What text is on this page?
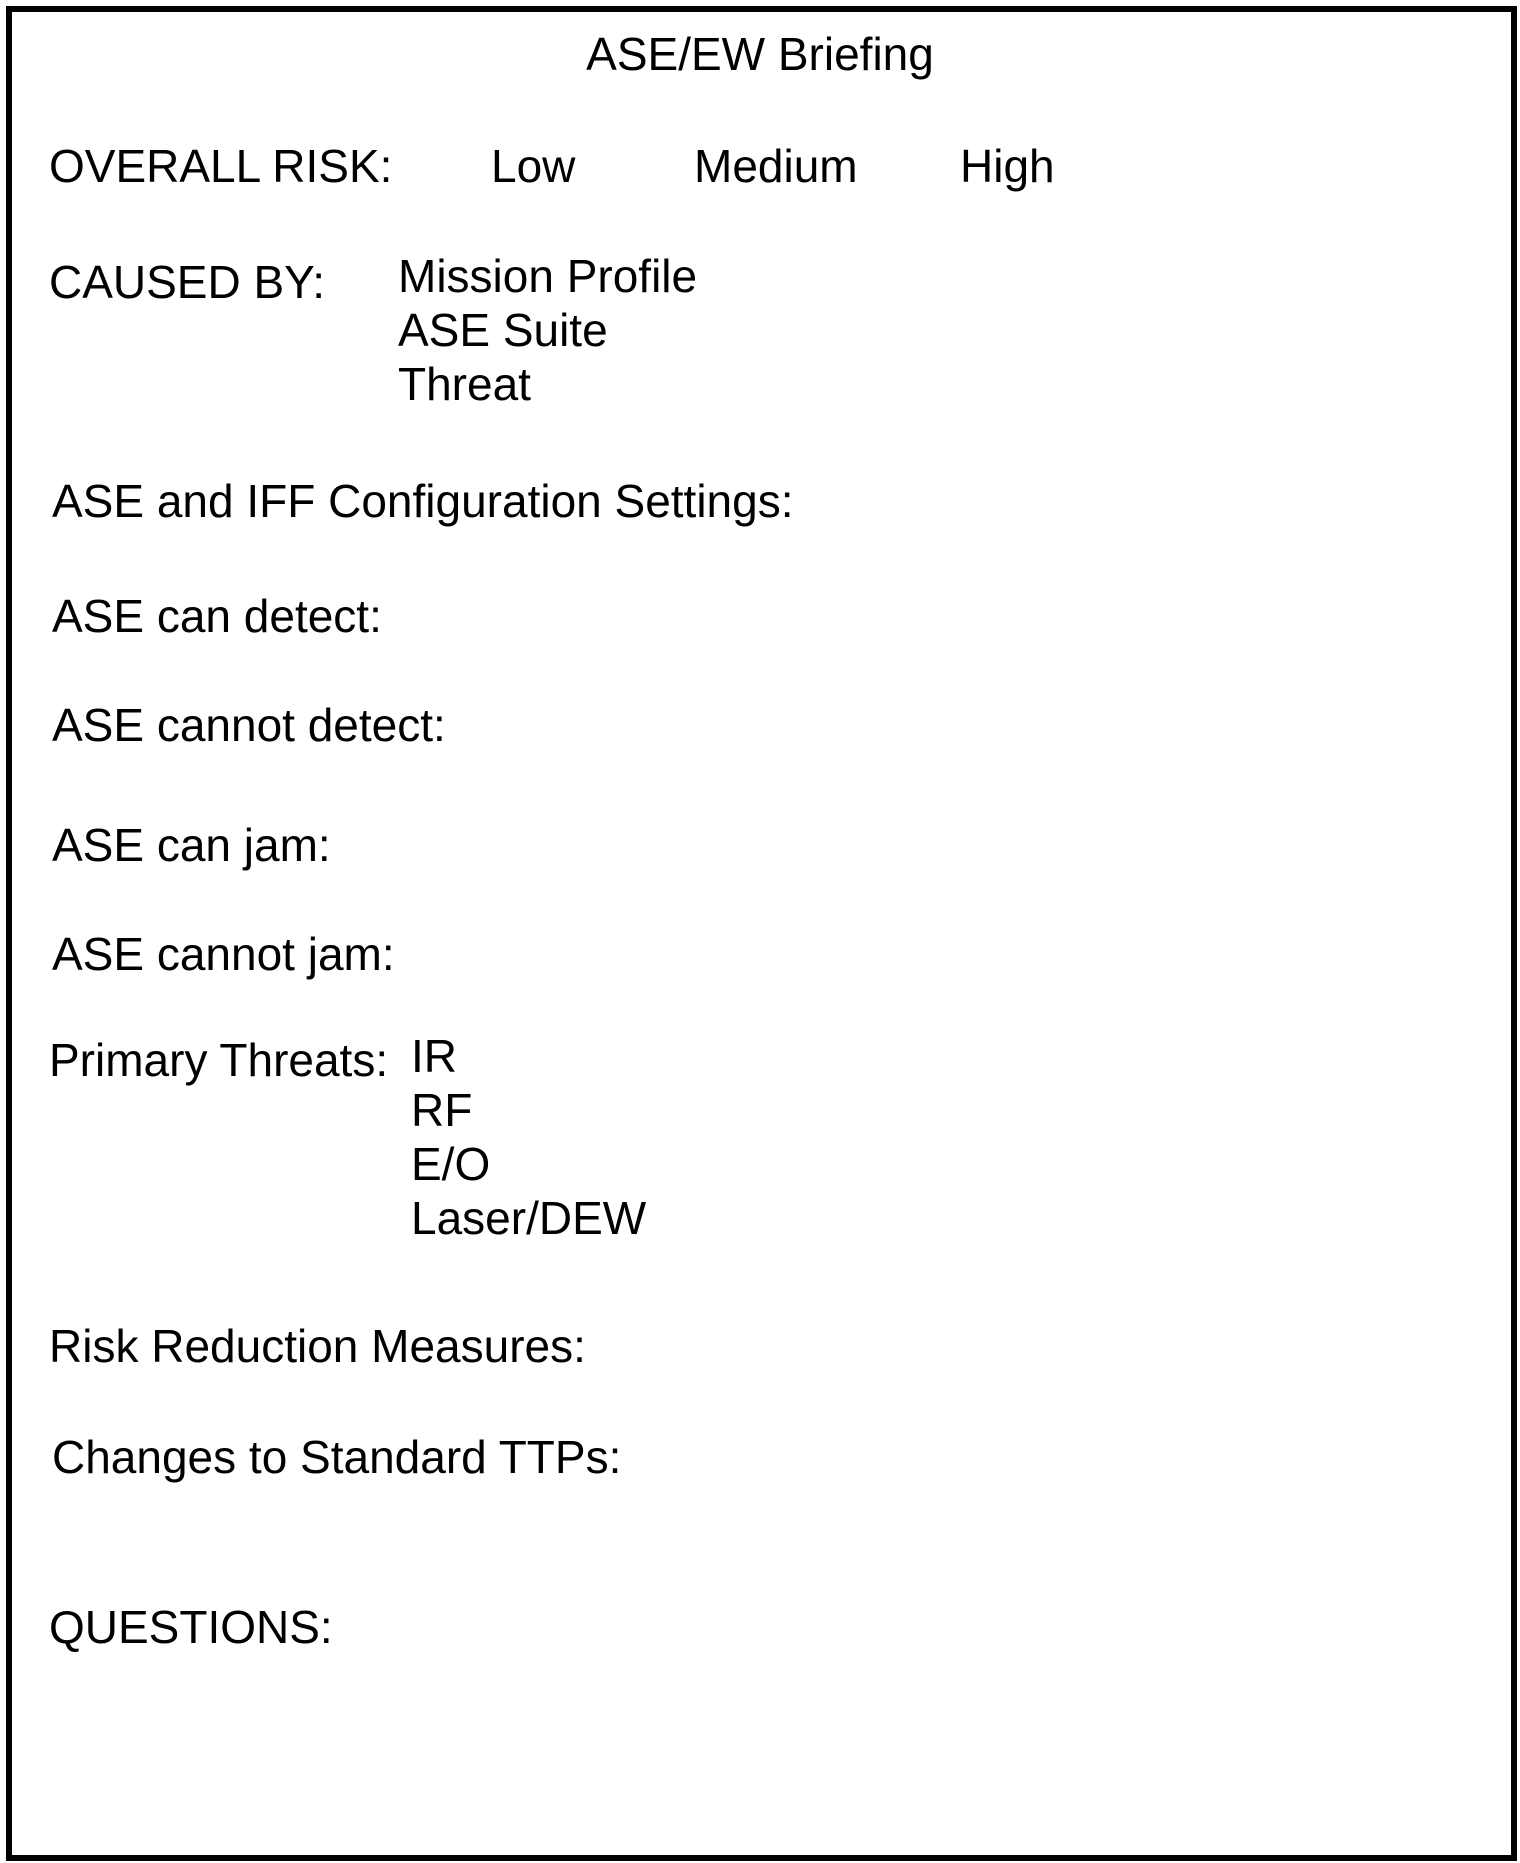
ASE/EW Briefing
OVERALL RISK: Low	Medium High
CAUSED BY: Mission Profile
ASE Suite
Threat
ASE and IFF Configuration Settings:
ASE can detect:
ASE cannot detect:
ASE can jam:
ASE cannot jam:
Primary Threats: IR
RF
E/O
Laser/DEW
Risk Reduction Measures:
Changes to Standard TTPs:
QUESTIONS:
